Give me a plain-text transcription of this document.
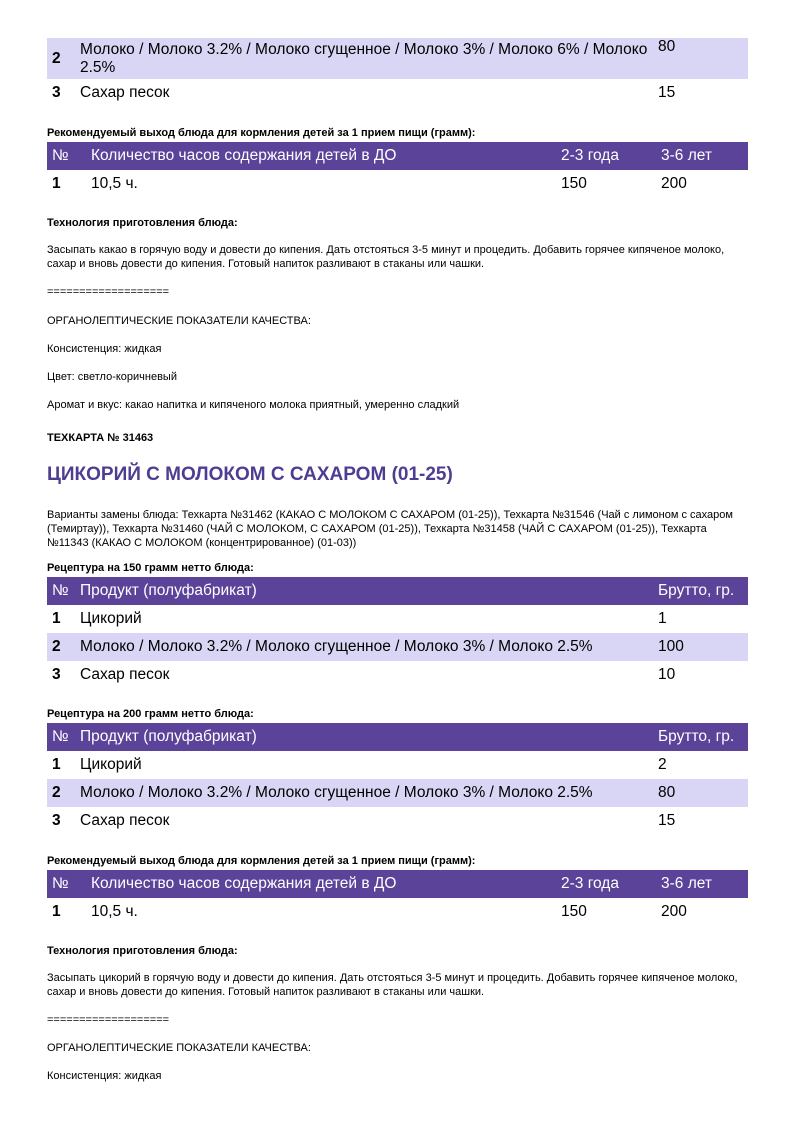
2	Молоко / Молоко 3.2% / Молоко сгущенное / Молоко 3% / Молоко 6% / Молоко 2.5%	80
3	Сахар песок	15

Рекомендуемый выход блюда для кормления детей за 1 прием пищи (грамм):

№	Количество часов содержания детей в ДО	2-3 года	3-6 лет
1	10,5 ч.	150	200

Технология приготовления блюда:

Засыпать какао в горячую воду и довести до кипения. Дать отстояться 3-5 минут и процедить. Добавить горячее кипяченое молоко, сахар и вновь довести до кипения. Готовый напиток разливают в стаканы или чашки.

===================

ОРГАНОЛЕПТИЧЕСКИЕ ПОКАЗАТЕЛИ КАЧЕСТВА:

Консистенция: жидкая

Цвет: светло-коричневый

Аромат и вкус: какао напитка и кипяченого молока приятный, умеренно сладкий

ТЕХКАРТА № 31463

ЦИКОРИЙ С МОЛОКОМ С САХАРОМ (01-25)

Варианты замены блюда: Техкарта №31462 (КАКАО С МОЛОКОМ С САХАРОМ (01-25)), Техкарта №31546 (Чай с лимоном с сахаром (Темиртау)), Техкарта №31460 (ЧАЙ С МОЛОКОМ, С САХАРОМ (01-25)), Техкарта №31458 (ЧАЙ С САХАРОМ (01-25)), Техкарта №11343 (КАКАО С МОЛОКОМ (концентрированное) (01-03))

Рецептура на 150 грамм нетто блюда:

№	Продукт (полуфабрикат)	Брутто, гр.
1	Цикорий	1
2	Молоко / Молоко 3.2% / Молоко сгущенное / Молоко 3% / Молоко 2.5%	100
3	Сахар песок	10

Рецептура на 200 грамм нетто блюда:

№	Продукт (полуфабрикат)	Брутто, гр.
1	Цикорий	2
2	Молоко / Молоко 3.2% / Молоко сгущенное / Молоко 3% / Молоко 2.5%	80
3	Сахар песок	15

Рекомендуемый выход блюда для кормления детей за 1 прием пищи (грамм):

№	Количество часов содержания детей в ДО	2-3 года	3-6 лет
1	10,5 ч.	150	200

Технология приготовления блюда:

Засыпать цикорий в горячую воду и довести до кипения. Дать отстояться 3-5 минут и процедить. Добавить горячее кипяченое молоко, сахар и вновь довести до кипения. Готовый напиток разливают в стаканы или чашки.

===================

ОРГАНОЛЕПТИЧЕСКИЕ ПОКАЗАТЕЛИ КАЧЕСТВА:

Консистенция: жидкая
